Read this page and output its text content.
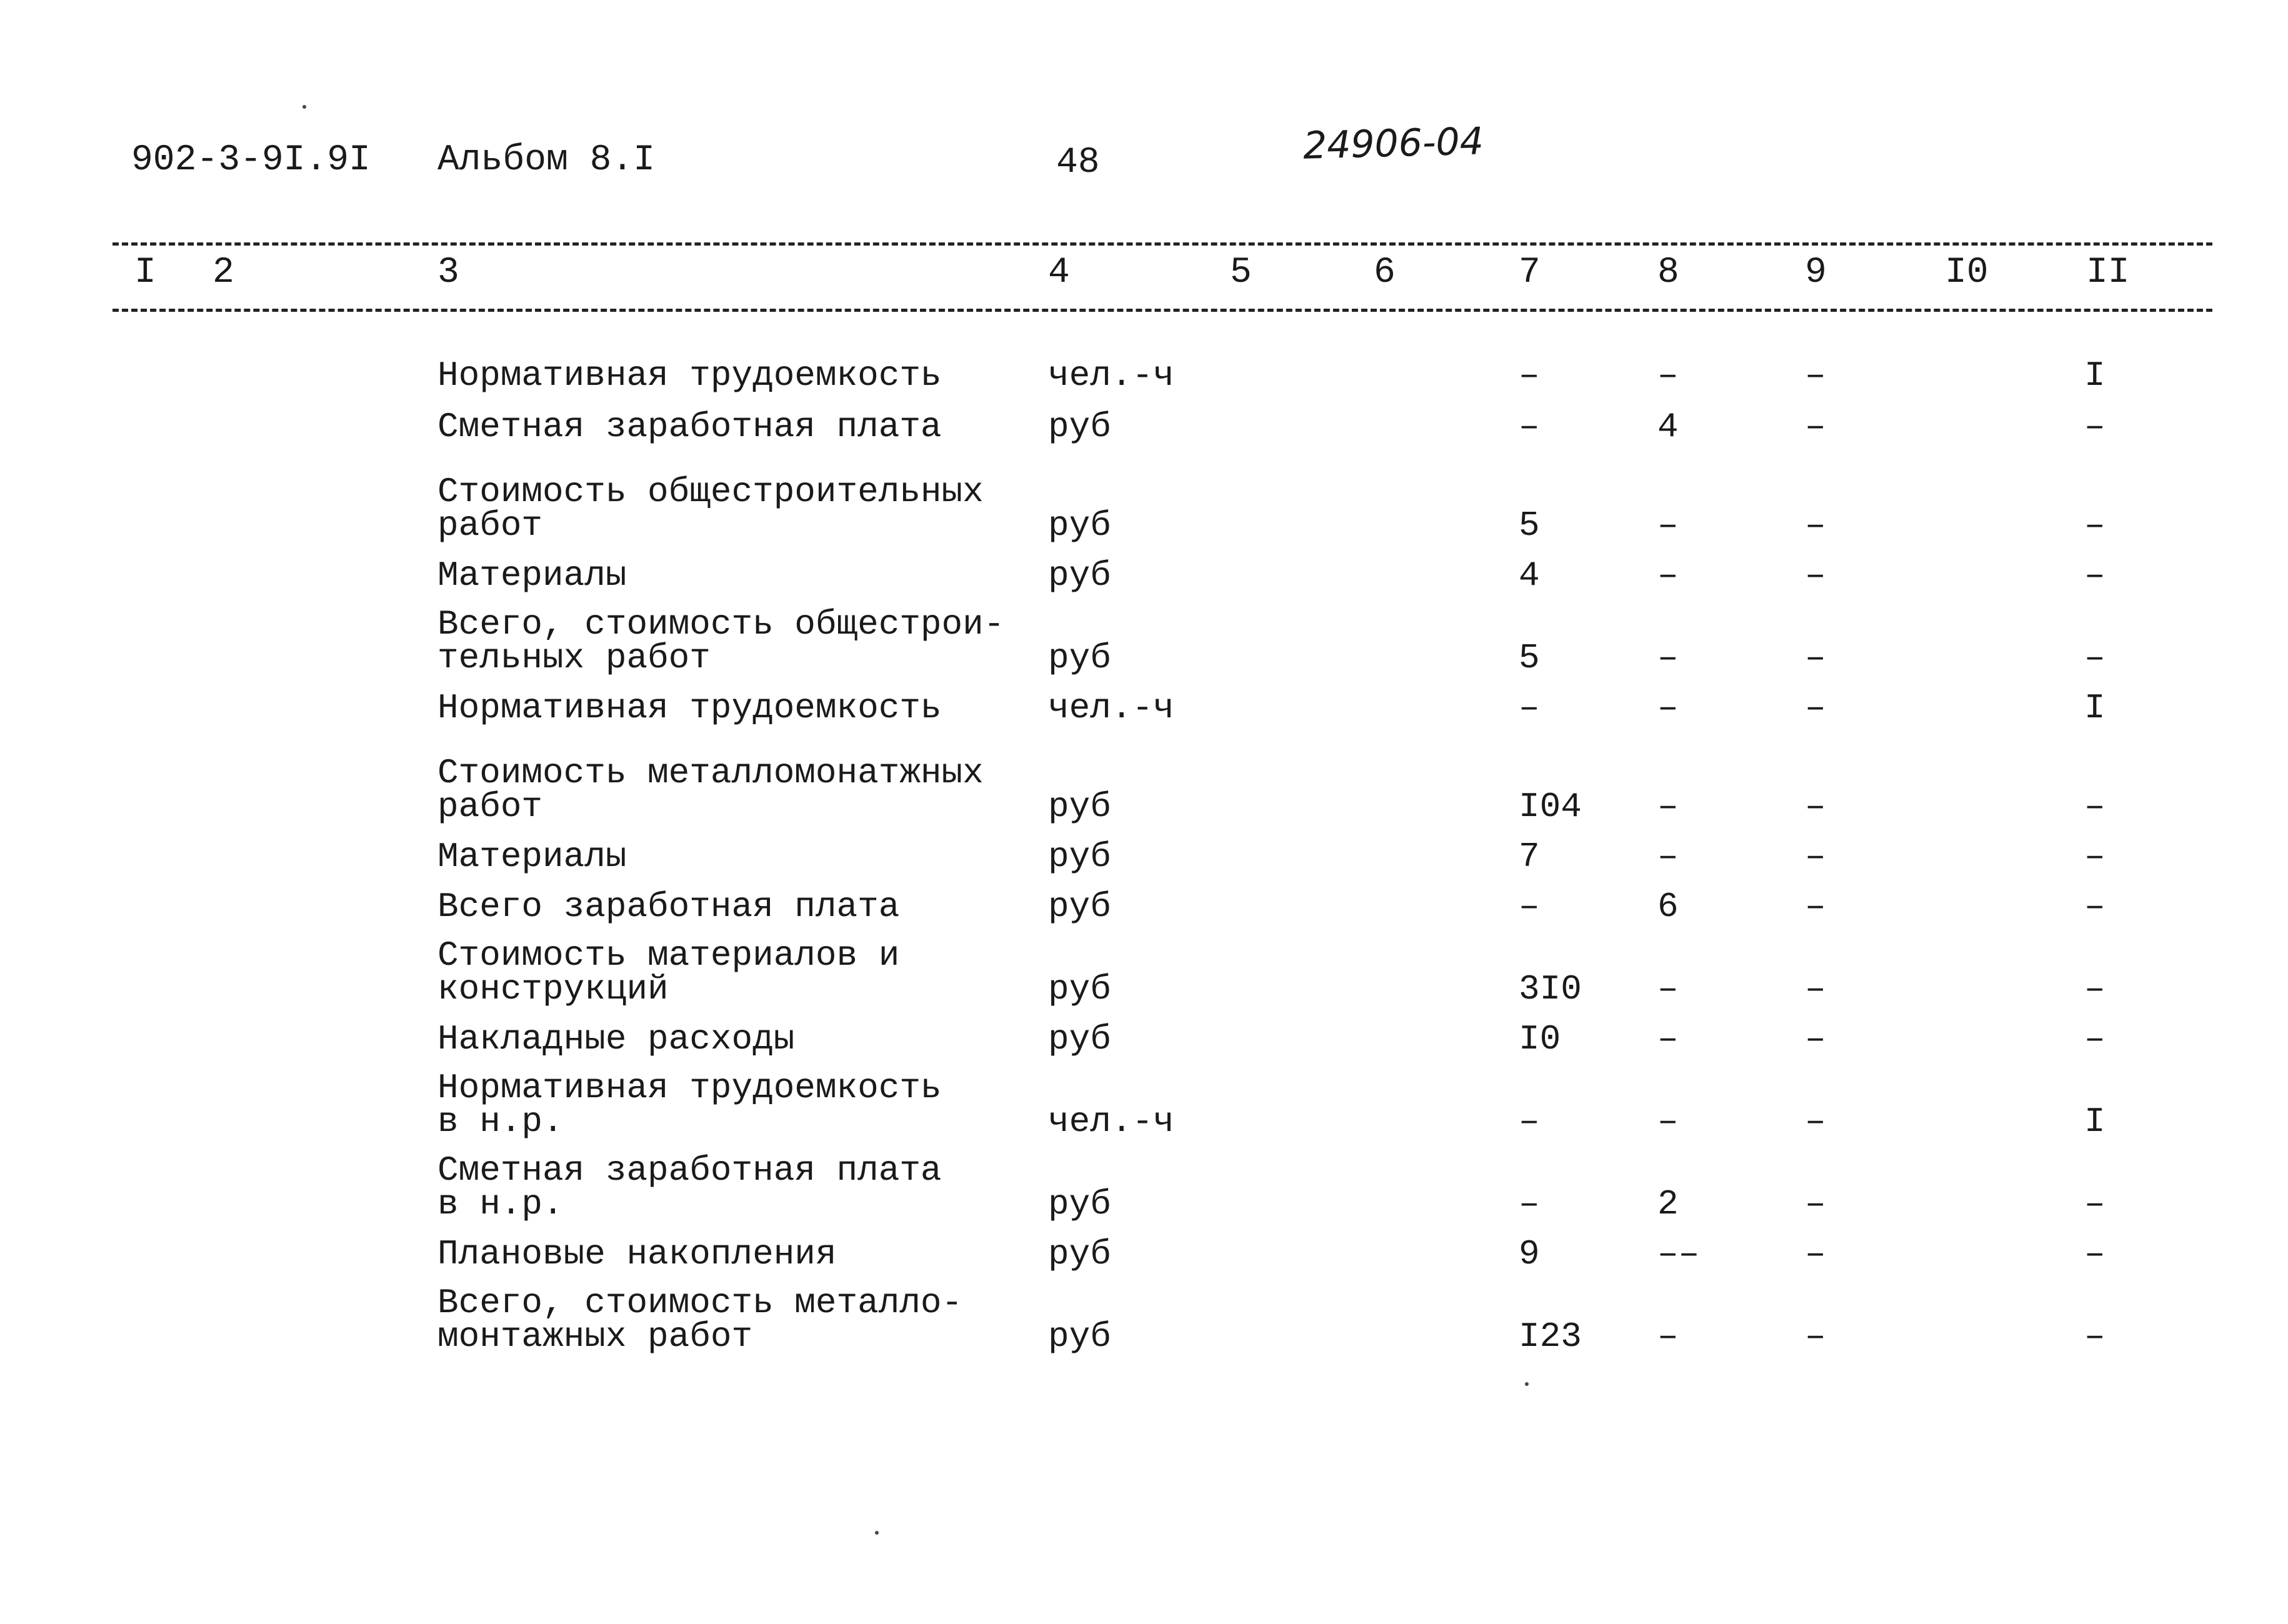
902-3-9I.9I Альбом 8.I	48	24906-04
I 2	3	4	5	6	7	8	9	I0	II
Нормативная трудоемкость	чел.-ч	–	–	–	I
Сметная заработная плата	руб	–	4	–	–
Стоимость общестроительных
работ	руб	5	–	–	–
Материалы	руб	4	–	–	–
Всего, стоимость общестрои-
тельных работ	руб	5	–	–	–
Нормативная трудоемкость	чел.-ч	–	–	–	I
Стоимость металломонатжных
работ	руб	I04 –	–	–
Материалы	руб	7	–	–	–
Всего заработная плата	руб	–	6	–	–
Стоимость материалов и
конструкций	руб	3I0 –	–	–
Накладные расходы	руб	I0	–	–	–
Нормативная трудоемкость
в н.р.	чел.-ч	–	–	–	I
Сметная заработная плата
в н.р.	руб	–	2	–	–
Плановые накопления	руб	9	––	–	–
Всего, стоимость металло-
монтажных работ	руб	I23 –	–	–
